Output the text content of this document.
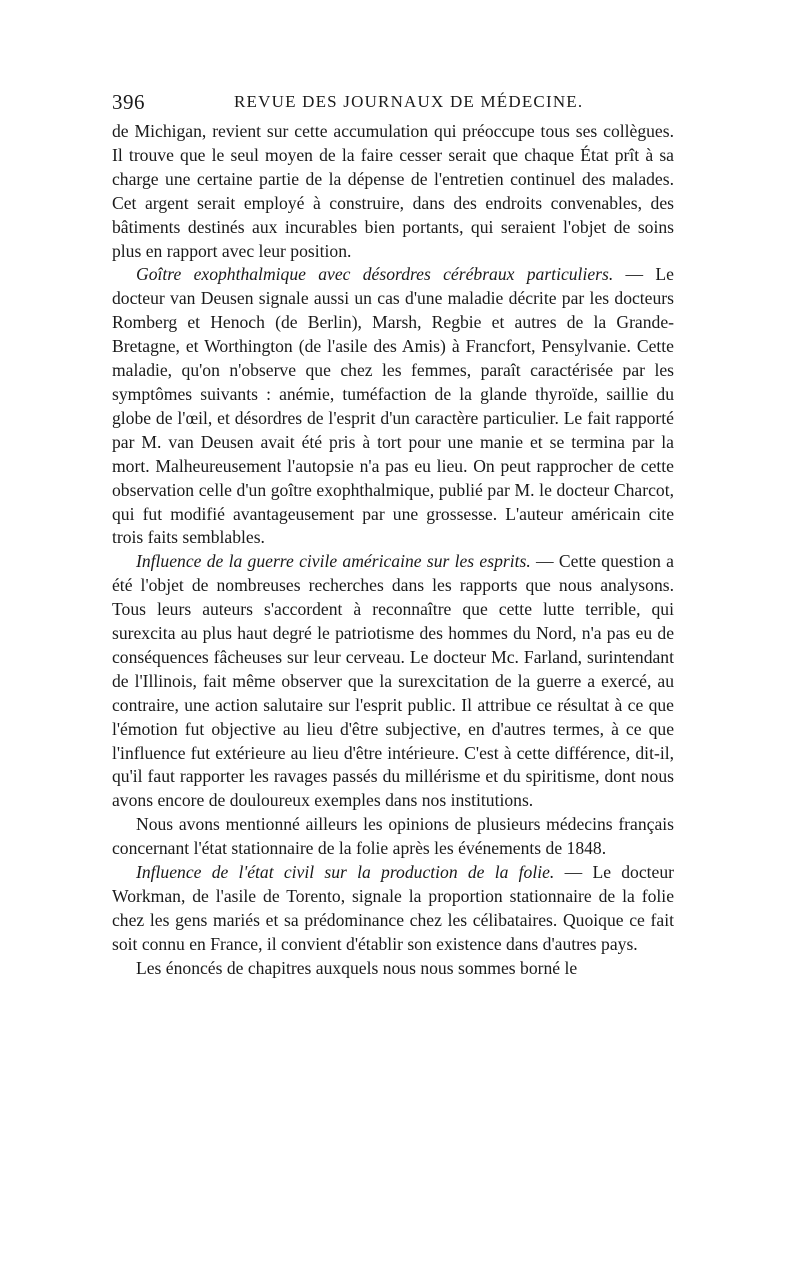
396	REVUE DES JOURNAUX DE MÉDECINE.

de Michigan, revient sur cette accumulation qui préoccupe tous ses collègues. Il trouve que le seul moyen de la faire cesser serait que chaque État prît à sa charge une certaine partie de la dépense de l'entretien continuel des malades. Cet argent serait employé à construire, dans des endroits convenables, des bâtiments destinés aux incurables bien portants, qui seraient l'objet de soins plus en rapport avec leur position.

Goître exophthalmique avec désordres cérébraux particuliers. — Le docteur van Deusen signale aussi un cas d'une maladie décrite par les docteurs Romberg et Henoch (de Berlin), Marsh, Regbie et autres de la Grande-Bretagne, et Worthington (de l'asile des Amis) à Francfort, Pensylvanie. Cette maladie, qu'on n'observe que chez les femmes, paraît caractérisée par les symptômes suivants : anémie, tuméfaction de la glande thyroïde, saillie du globe de l'œil, et désordres de l'esprit d'un caractère particulier. Le fait rapporté par M. van Deusen avait été pris à tort pour une manie et se termina par la mort. Malheureusement l'autopsie n'a pas eu lieu. On peut rapprocher de cette observation celle d'un goître exophthalmique, publié par M. le docteur Charcot, qui fut modifié avantageusement par une grossesse. L'auteur américain cite trois faits semblables.

Influence de la guerre civile américaine sur les esprits. — Cette question a été l'objet de nombreuses recherches dans les rapports que nous analysons. Tous leurs auteurs s'accordent à reconnaître que cette lutte terrible, qui surexcita au plus haut degré le patriotisme des hommes du Nord, n'a pas eu de conséquences fâcheuses sur leur cerveau. Le docteur Mc. Farland, surintendant de l'Illinois, fait même observer que la surexcitation de la guerre a exercé, au contraire, une action salutaire sur l'esprit public. Il attribue ce résultat à ce que l'émotion fut objective au lieu d'être subjective, en d'autres termes, à ce que l'influence fut extérieure au lieu d'être intérieure. C'est à cette différence, dit-il, qu'il faut rapporter les ravages passés du millérisme et du spiritisme, dont nous avons encore de douloureux exemples dans nos institutions.

Nous avons mentionné ailleurs les opinions de plusieurs médecins français concernant l'état stationnaire de la folie après les événements de 1848.

Influence de l'état civil sur la production de la folie. — Le docteur Workman, de l'asile de Torento, signale la proportion stationnaire de la folie chez les gens mariés et sa prédominance chez les célibataires. Quoique ce fait soit connu en France, il convient d'établir son existence dans d'autres pays.

Les énoncés de chapitres auxquels nous nous sommes borné le
